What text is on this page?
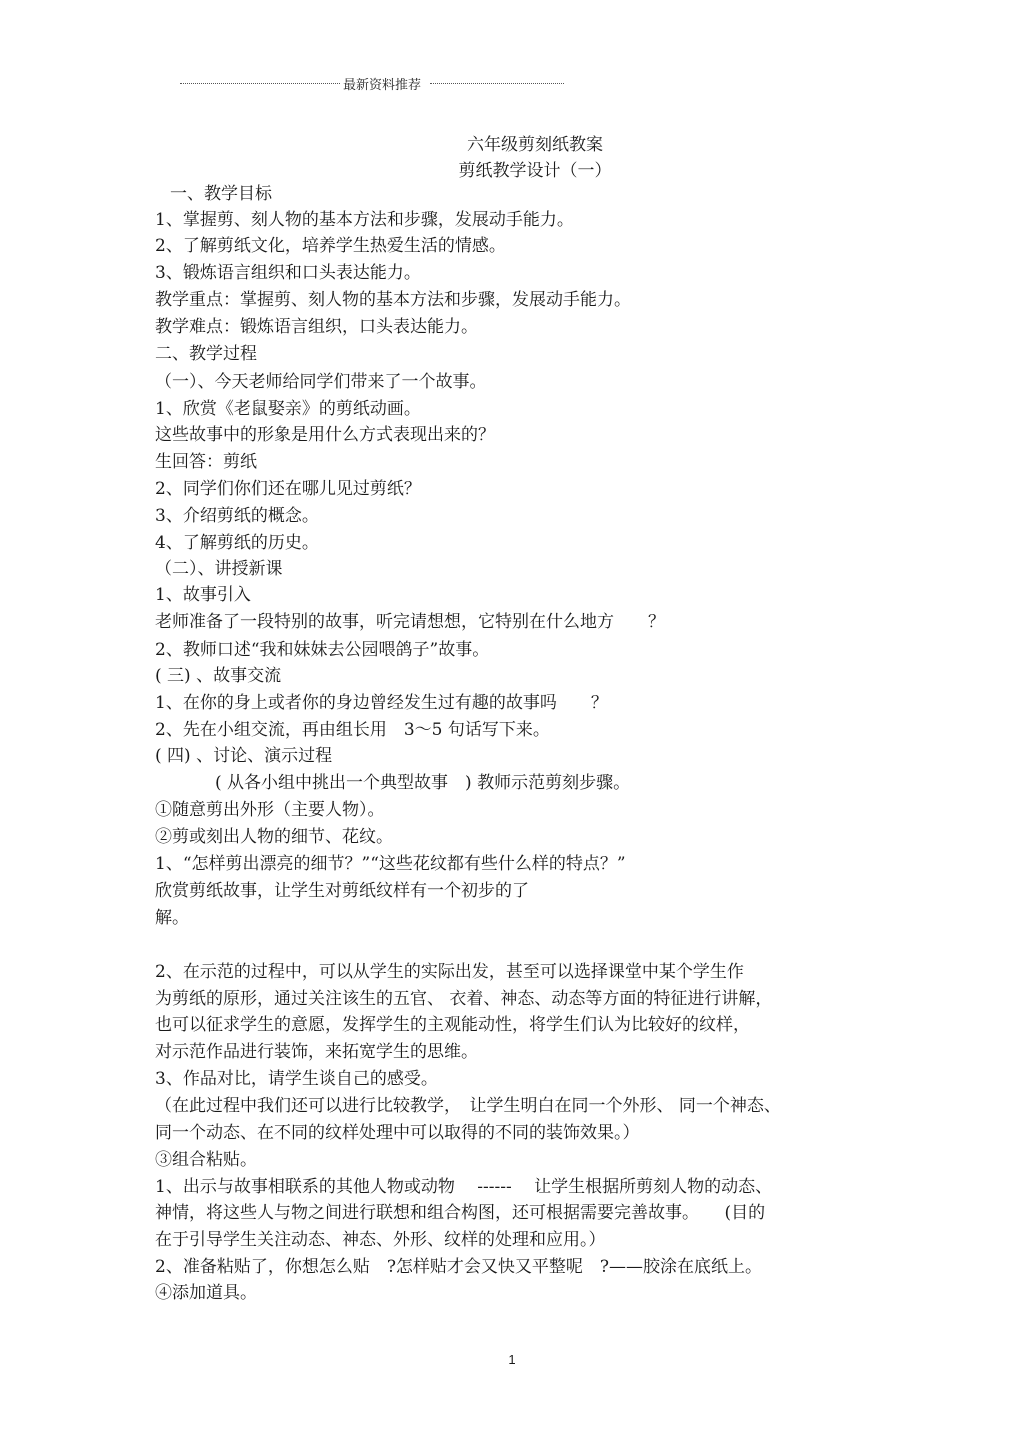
最新资料推荐
六年级剪刻纸教案
剪纸教学设计（一）
一、教学目标
1、掌握剪、刻人物的基本方法和步骤，发展动手能力。
2、了解剪纸文化，培养学生热爱生活的情感。
3、锻炼语言组织和口头表达能力。
教学重点：掌握剪、刻人物的基本方法和步骤，发展动手能力。
教学难点：锻炼语言组织，口头表达能力。
二、教学过程
（一）、今天老师给同学们带来了一个故事。
1、欣赏《老鼠娶亲》的剪纸动画。
这些故事中的形象是用什么方式表现出来的？
生回答：剪纸
2、同学们你们还在哪儿见过剪纸？
3、介绍剪纸的概念。
4、了解剪纸的历史。
（二）、讲授新课
1、故事引入
老师准备了一段特别的故事，听完请想想，它特别在什么地方　　？
2、教师口述“我和妹妹去公园喂鸽子”故事。
( 三) 、故事交流
1、在你的身上或者你的身边曾经发生过有趣的故事吗　　？
2、先在小组交流，再由组长用　3～5 句话写下来。
( 四) 、讨论、演示过程
( 从各小组中挑出一个典型故事　) 教师示范剪刻步骤。
①随意剪出外形（主要人物）。
②剪或刻出人物的细节、花纹。
1、“怎样剪出漂亮的细节？”“这些花纹都有些什么样的特点？”
欣赏剪纸故事，让学生对剪纸纹样有一个初步的了
解。
2、在示范的过程中，可以从学生的实际出发，甚至可以选择课堂中某个学生作
为剪纸的原形，通过关注该生的五官、 衣着、神态、动态等方面的特征进行讲解，
也可以征求学生的意愿，发挥学生的主观能动性，将学生们认为比较好的纹样，
对示范作品进行装饰，来拓宽学生的思维。
3、作品对比，请学生谈自己的感受。
（在此过程中我们还可以进行比较教学，　让学生明白在同一个外形、 同一个神态、
同一个动态、在不同的纹样处理中可以取得的不同的装饰效果。）
③组合粘贴。
1、出示与故事相联系的其他人物或动物　 ------　 让学生根据所剪刻人物的动态、
神情，将这些人与物之间进行联想和组合构图，还可根据需要完善故事。　　(目的
在于引导学生关注动态、神态、外形、纹样的处理和应用。）
2、准备粘贴了，你想怎么贴　?怎样贴才会又快又平整呢　?——胶涂在底纸上。
④添加道具。
1
